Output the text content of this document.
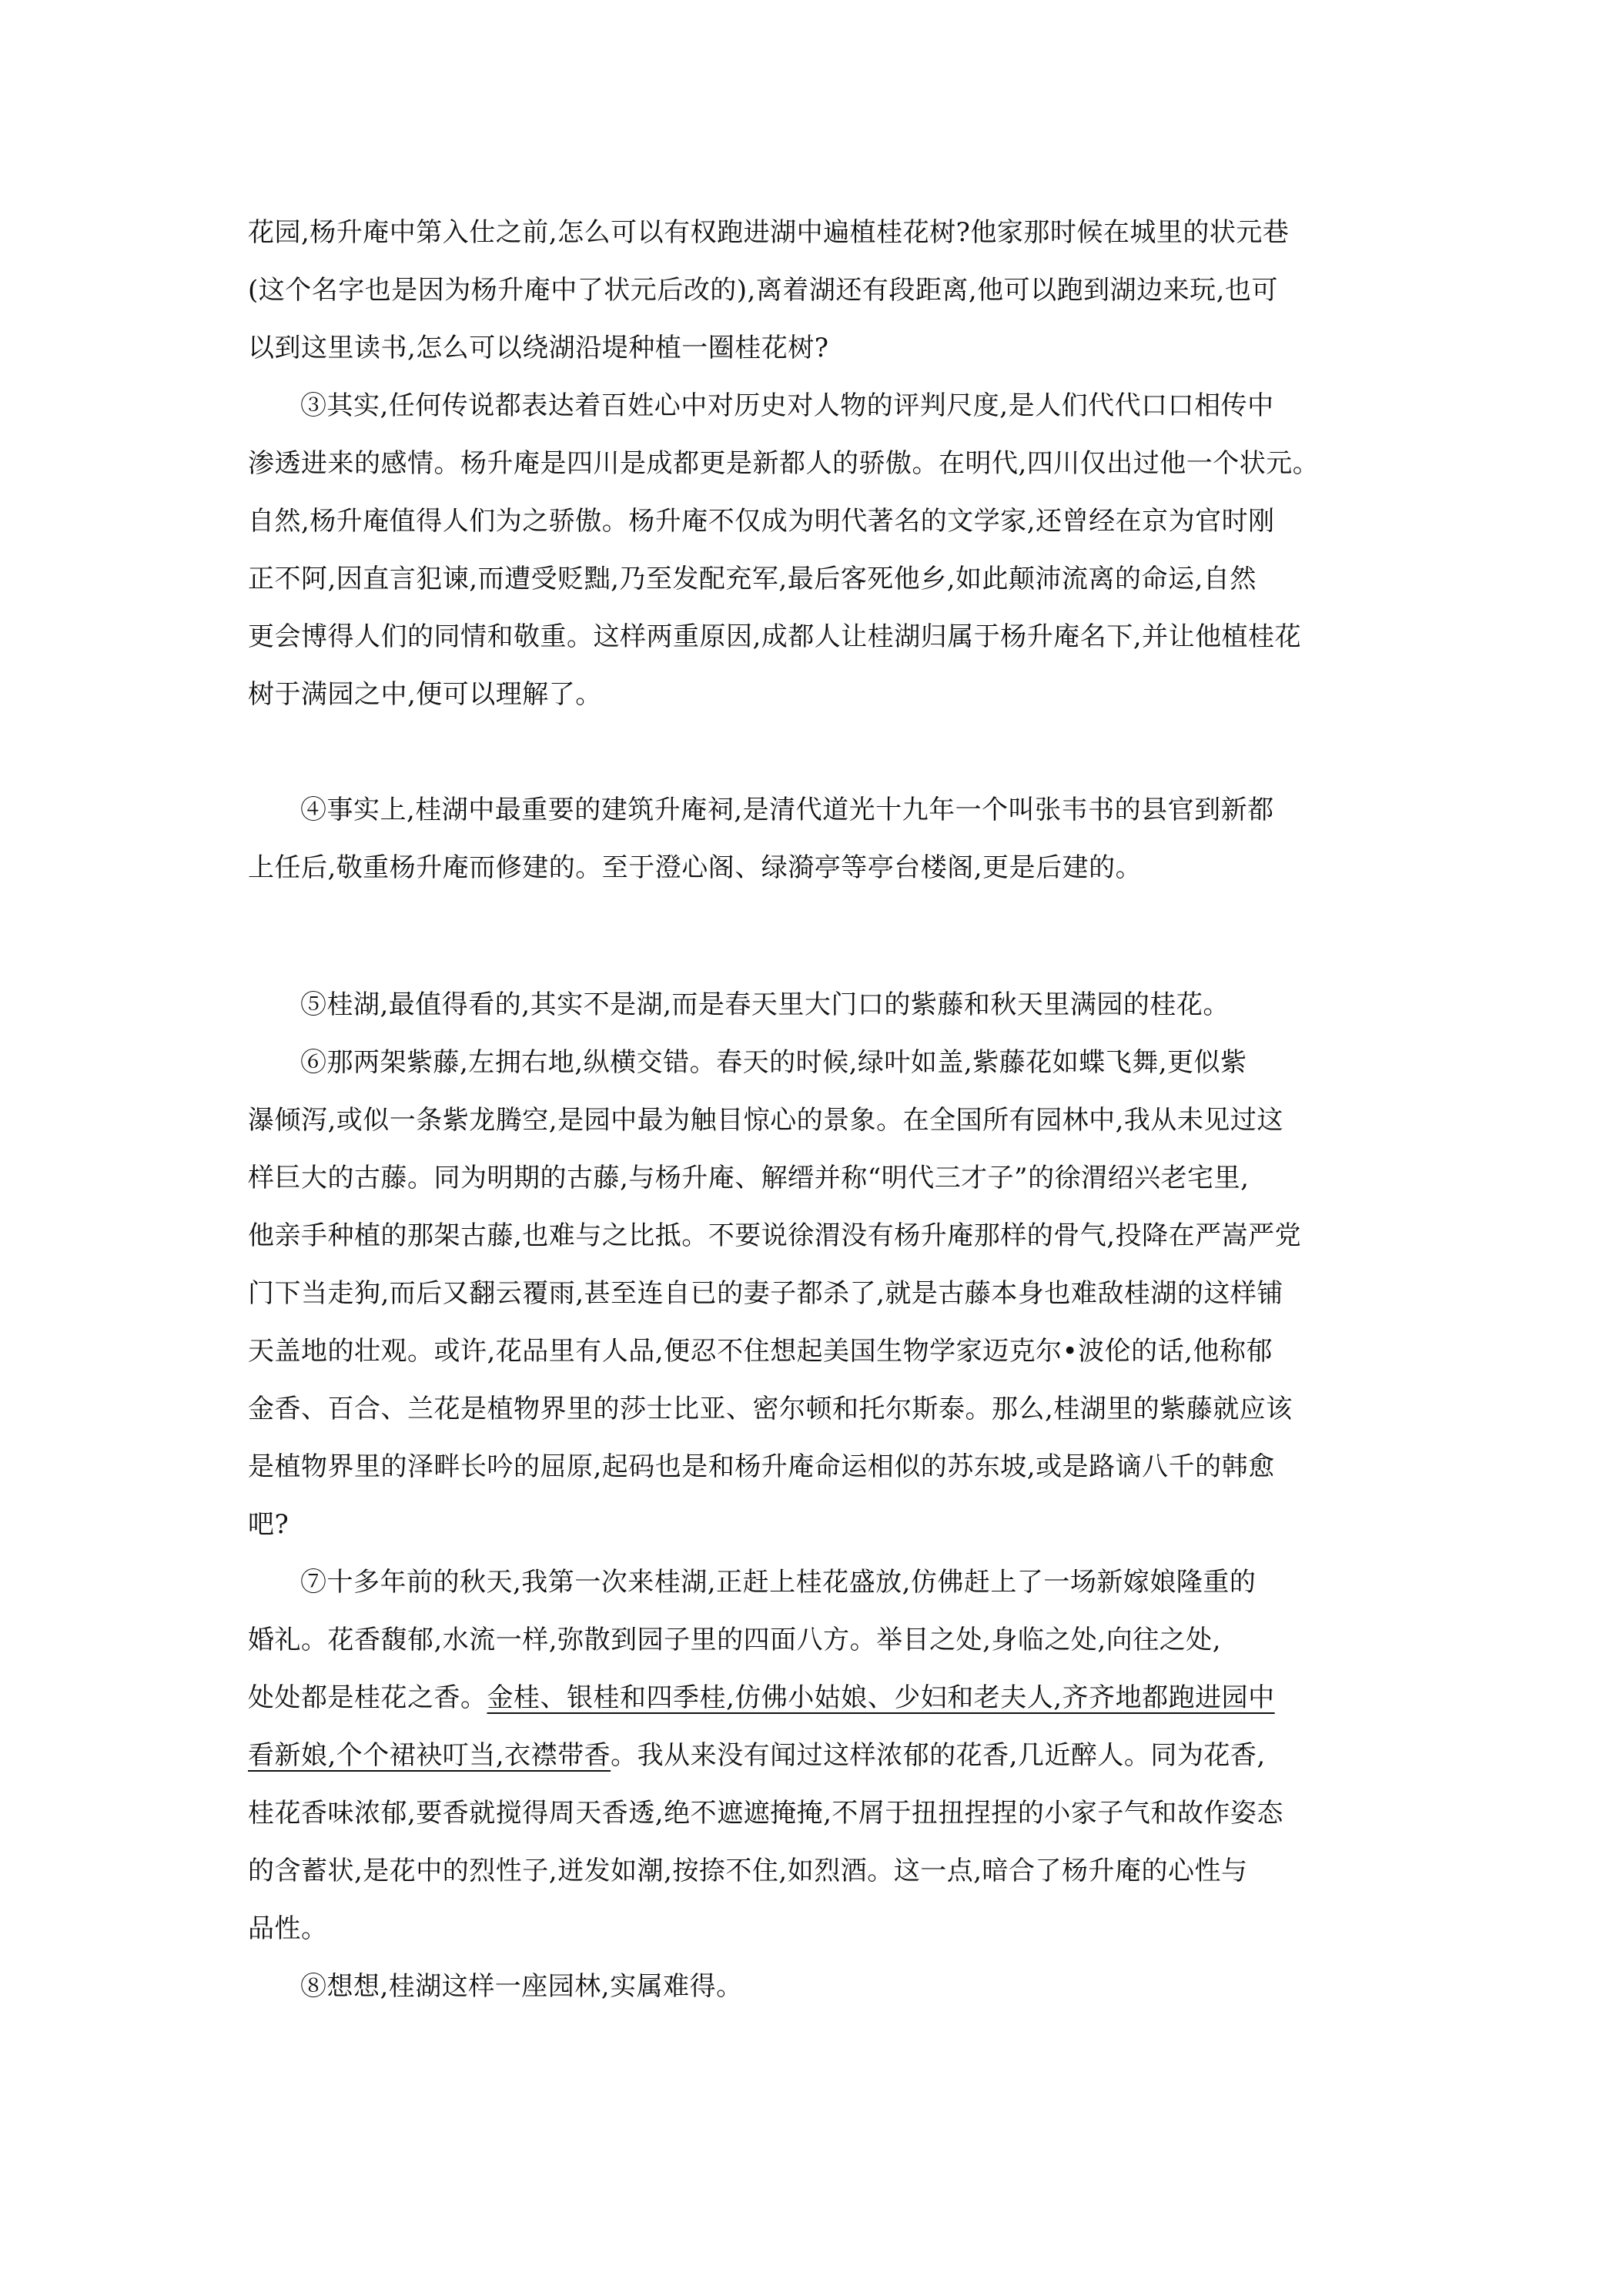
花园,杨升庵中第入仕之前,怎么可以有权跑进湖中遍植桂花树?他家那时候在城里的状元巷
(这个名字也是因为杨升庵中了状元后改的),离着湖还有段距离,他可以跑到湖边来玩,也可
以到这里读书,怎么可以绕湖沿堤种植一圈桂花树?
③其实,任何传说都表达着百姓心中对历史对人物的评判尺度,是人们代代口口相传中
渗透进来的感情。杨升庵是四川是成都更是新都人的骄傲。在明代,四川仅出过他一个状元。
自然,杨升庵值得人们为之骄傲。杨升庵不仅成为明代著名的文学家,还曾经在京为官时刚
正不阿,因直言犯谏,而遭受贬黜,乃至发配充军,最后客死他乡,如此颠沛流离的命运,自然
更会博得人们的同情和敬重。这样两重原因,成都人让桂湖归属于杨升庵名下,并让他植桂花
树于满园之中,便可以理解了。
④事实上,桂湖中最重要的建筑升庵祠,是清代道光十九年一个叫张韦书的县官到新都
上任后,敬重杨升庵而修建的。至于澄心阁、绿漪亭等亭台楼阁,更是后建的。
⑤桂湖,最值得看的,其实不是湖,而是春天里大门口的紫藤和秋天里满园的桂花。
⑥那两架紫藤,左拥右地,纵横交错。春天的时候,绿叶如盖,紫藤花如蝶飞舞,更似紫
瀑倾泻,或似一条紫龙腾空,是园中最为触目惊心的景象。在全国所有园林中,我从未见过这
样巨大的古藤。同为明期的古藤,与杨升庵、解缙并称“明代三才子”的徐渭绍兴老宅里,
他亲手种植的那架古藤,也难与之比抵。不要说徐渭没有杨升庵那样的骨气,投降在严嵩严党
门下当走狗,而后又翻云覆雨,甚至连自已的妻子都杀了,就是古藤本身也难敌桂湖的这样铺
天盖地的壮观。或许,花品里有人品,便忍不住想起美国生物学家迈克尔•波伦的话,他称郁
金香、百合、兰花是植物界里的莎士比亚、密尔顿和托尔斯泰。那么,桂湖里的紫藤就应该
是植物界里的泽畔长吟的屈原,起码也是和杨升庵命运相似的苏东坡,或是路谪八千的韩愈
吧?
⑦十多年前的秋天,我第一次来桂湖,正赶上桂花盛放,仿佛赶上了一场新嫁娘隆重的
婚礼。花香馥郁,水流一样,弥散到园子里的四面八方。举目之处,身临之处,向往之处,
处处都是桂花之香。金桂、银桂和四季桂,仿佛小姑娘、少妇和老夫人,齐齐地都跑进园中
看新娘,个个裙袂叮当,衣襟带香。我从来没有闻过这样浓郁的花香,几近醉人。同为花香,
桂花香味浓郁,要香就搅得周天香透,绝不遮遮掩掩,不屑于扭扭捏捏的小家子气和故作姿态
的含蓄状,是花中的烈性子,迸发如潮,按捺不住,如烈酒。这一点,暗合了杨升庵的心性与
品性。
⑧想想,桂湖这样一座园林,实属难得。
